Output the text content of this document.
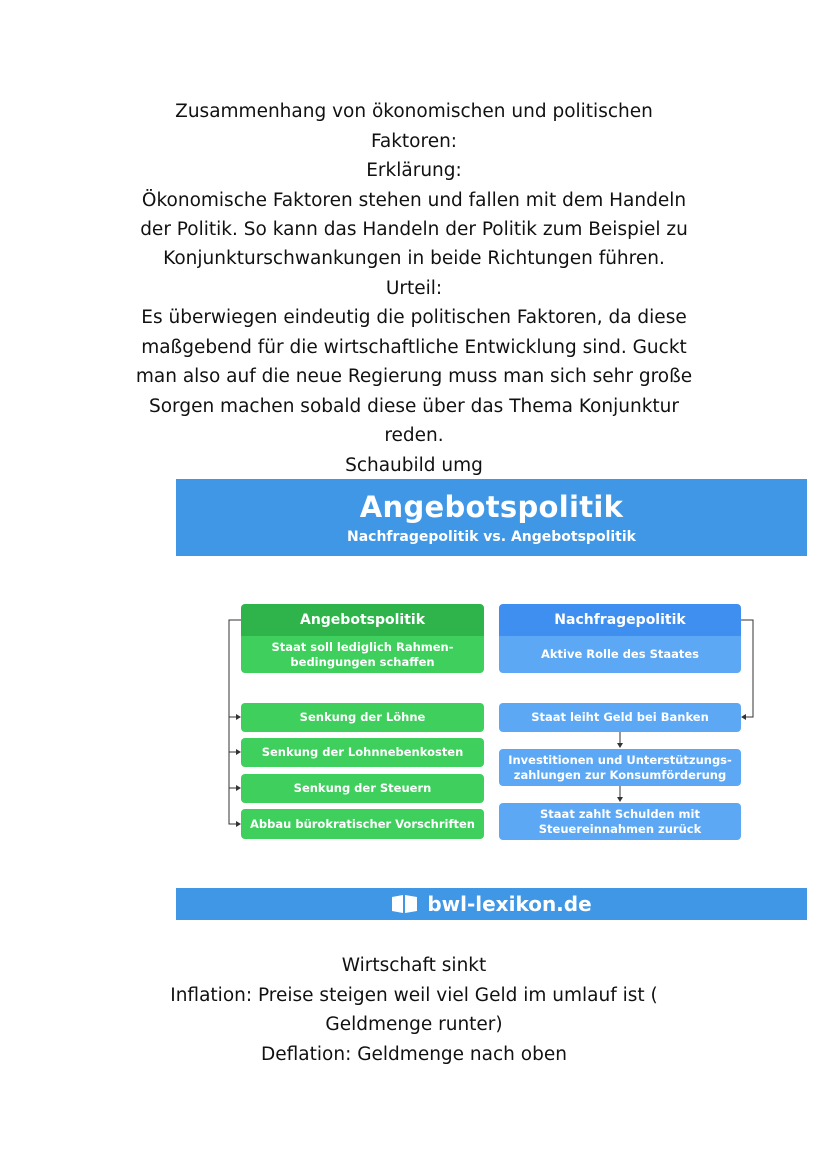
Zusammenhang von ökonomischen und politischen
Faktoren:
Erklärung:
Ökonomische Faktoren stehen und fallen mit dem Handeln
der Politik. So kann das Handeln der Politik zum Beispiel zu
Konjunkturschwankungen in beide Richtungen führen.
Urteil:
Es überwiegen eindeutig die politischen Faktoren, da diese
maßgebend für die wirtschaftliche Entwicklung sind. Guckt
man also auf die neue Regierung muss man sich sehr große
Sorgen machen sobald diese über das Thema Konjunktur
reden.
Schaubild umg
Angebotspolitik
Nachfragepolitik vs. Angebotspolitik
Angebotspolitik
Staat soll lediglich Rahmen-
bedingungen schaffen
Senkung der Löhne
Senkung der Lohnnebenkosten
Senkung der Steuern
Abbau bürokratischer Vorschriften
Nachfragepolitik
Aktive Rolle des Staates
Staat leiht Geld bei Banken
Investitionen und Unterstützungs-
zahlungen zur Konsumförderung
Staat zahlt Schulden mit
Steuereinnahmen zurück
bwl-lexikon.de
Wirtschaft sinkt
Inflation: Preise steigen weil viel Geld im umlauf ist (
Geldmenge runter)
Deflation: Geldmenge nach oben
